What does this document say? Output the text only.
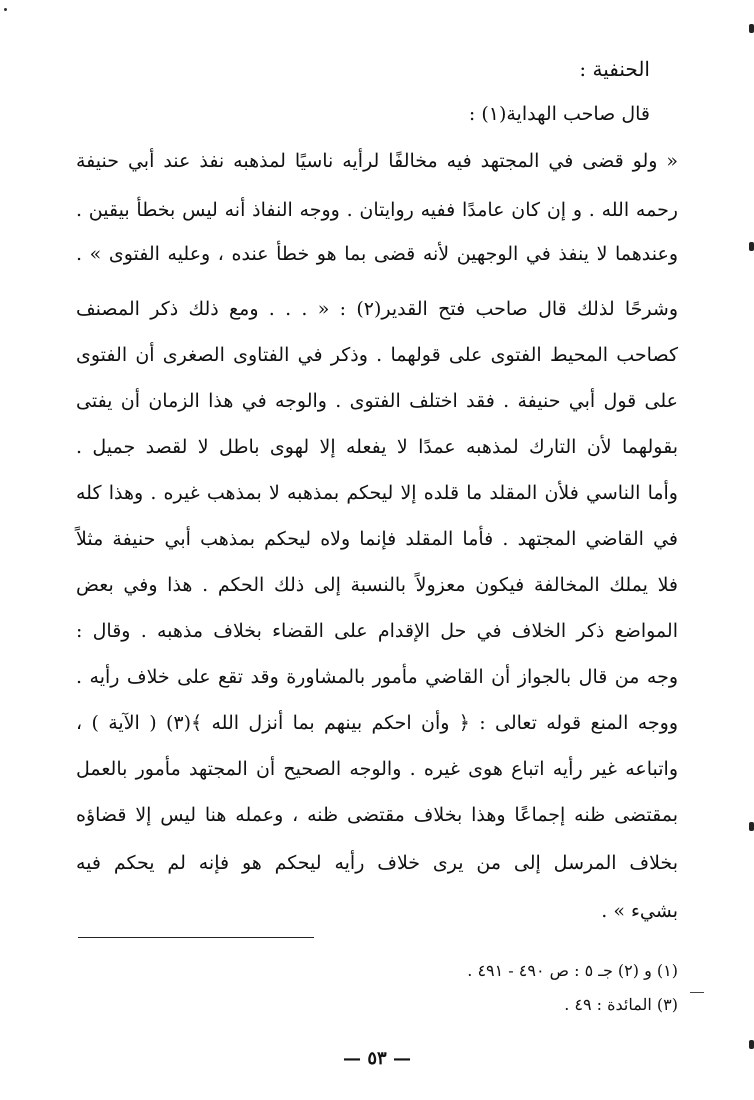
الحنفية :
قال صاحب الهداية(١) :
« ولو قضى في المجتهد فيه مخالفًا لرأيه ناسيًا لمذهبه نفذ عند أبي حنيفة
رحمه الله . و إن كان عامدًا ففيه روايتان . ووجه النفاذ أنه ليس بخطأ بيقين .
وعندهما لا ينفذ في الوجهين لأنه قضى بما هو خطأ عنده ، وعليه الفتوى » .
وشرحًا لذلك قال صاحب فتح القدير(٢) : « . . . ومع ذلك ذكر المصنف
كصاحب المحيط الفتوى على قولهما . وذكر في الفتاوى الصغرى أن الفتوى
على قول أبي حنيفة . فقد اختلف الفتوى . والوجه في هذا الزمان أن يفتى
بقولهما لأن التارك لمذهبه عمدًا لا يفعله إلا لهوى باطل لا لقصد جميل .
وأما الناسي فلأن المقلد ما قلده إلا ليحكم بمذهبه لا بمذهب غيره . وهذا كله
في القاضي المجتهد . فأما المقلد فإنما ولاه ليحكم بمذهب أبي حنيفة مثلاً
فلا يملك المخالفة فيكون معزولاً بالنسبة إلى ذلك الحكم . هذا وفي بعض
المواضع ذكر الخلاف في حل الإقدام على القضاء بخلاف مذهبه . وقال :
وجه من قال بالجواز أن القاضي مأمور بالمشاورة وقد تقع على خلاف رأيه .
ووجه المنع قوله تعالى : ﴿ وأن احكم بينهم بما أنزل الله ﴾(٣) ( الآية ) ،
واتباعه غير رأيه اتباع هوى غيره . والوجه الصحيح أن المجتهد مأمور بالعمل
بمقتضى ظنه إجماعًا وهذا بخلاف مقتضى ظنه ، وعمله هنا ليس إلا قضاؤه
بخلاف المرسل إلى من يرى خلاف رأيه ليحكم هو فإنه لم يحكم فيه
بشيء » .
(١) و (٢) جـ ٥ : ص ٤٩٠ - ٤٩١ .
(٣) المائدة : ٤٩ .
— ٥٣ —
